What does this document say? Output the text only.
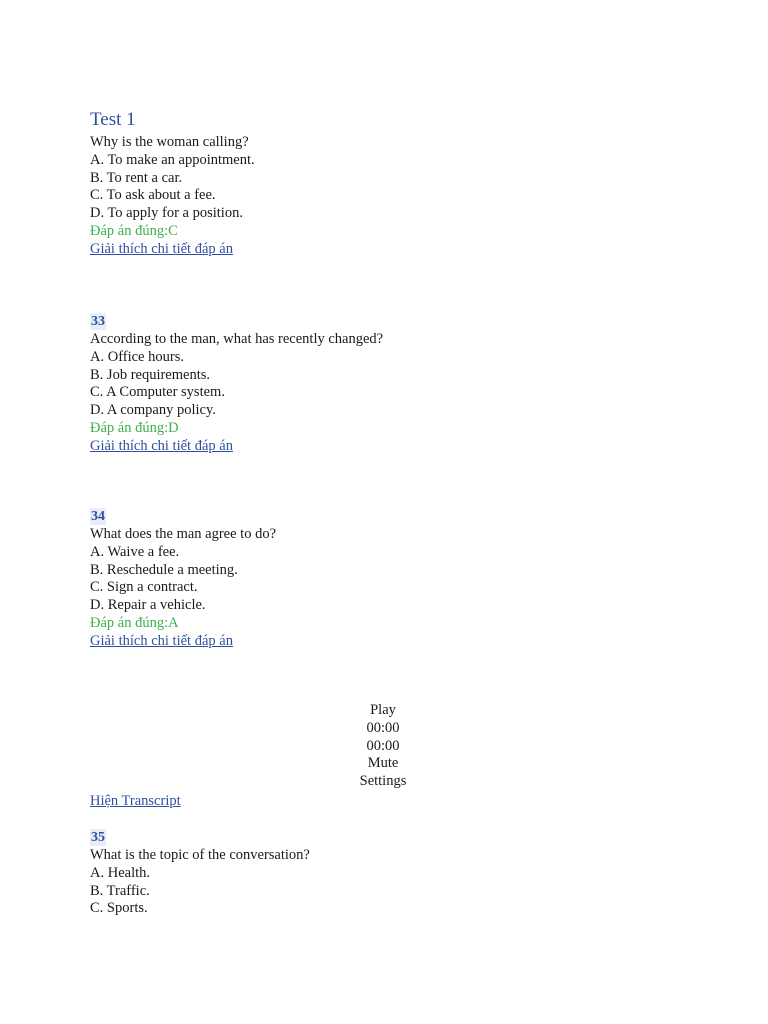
Test 1
Why is the woman calling?
A. To make an appointment.
B. To rent a car.
C. To ask about a fee.
D. To apply for a position.
Đáp án đúng:C
Giải thích chi tiết đáp án
33
According to the man, what has recently changed?
A. Office hours.
B. Job requirements.
C. A Computer system.
D. A company policy.
Đáp án đúng:D
Giải thích chi tiết đáp án
34
What does the man agree to do?
A. Waive a fee.
B. Reschedule a meeting.
C. Sign a contract.
D. Repair a vehicle.
Đáp án đúng:A
Giải thích chi tiết đáp án
Play
00:00
00:00
Mute
Settings
Hiện Transcript
35
What is the topic of the conversation?
A. Health.
B. Traffic.
C. Sports.
